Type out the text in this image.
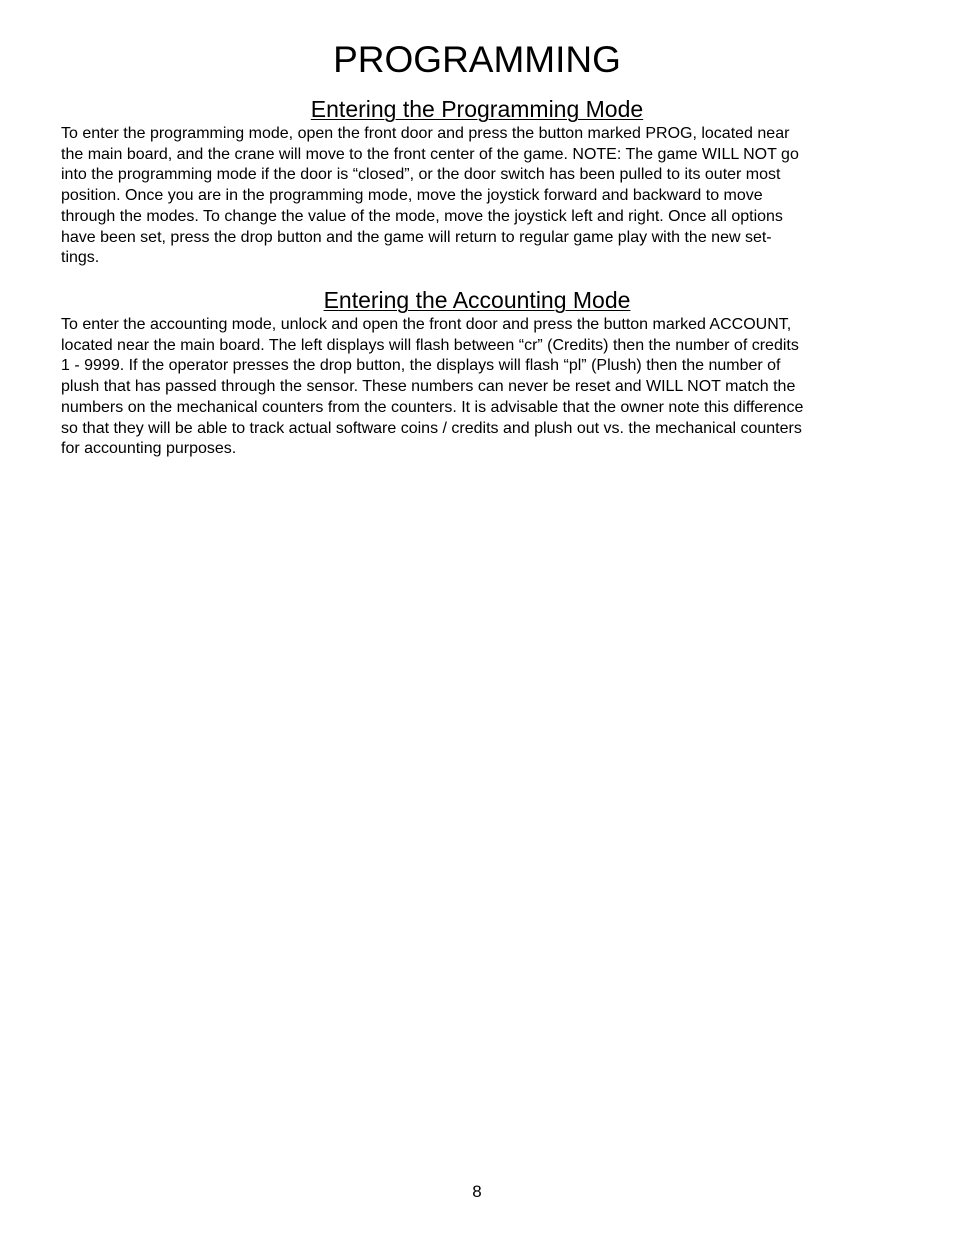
PROGRAMMING
Entering the Programming Mode

To enter the programming mode, open the front door and press the button marked PROG, located near
the main board, and the crane will move to the front center of the game. NOTE: The game WILL NOT go
into the programming mode if the door is “closed”, or the door switch has been pulled to its outer most
position. Once you are in the programming mode, move the joystick forward and backward to move
through the modes. To change the value of the mode, move the joystick left and right. Once all options
have been set, press the drop button and the game will return to regular game play with the new set-
tings.

Entering the Accounting Mode

To enter the accounting mode, unlock and open the front door and press the button marked ACCOUNT,
located near the main board. The left displays will flash between “cr” (Credits) then the number of credits
1 - 9999. If the operator presses the drop button, the displays will flash “pl” (Plush) then the number of
plush that has passed through the sensor. These numbers can never be reset and WILL NOT match the
numbers on the mechanical counters from the counters. It is advisable that the owner note this difference
so that they will be able to track actual software coins / credits and plush out vs. the mechanical counters
for accounting purposes.

8
